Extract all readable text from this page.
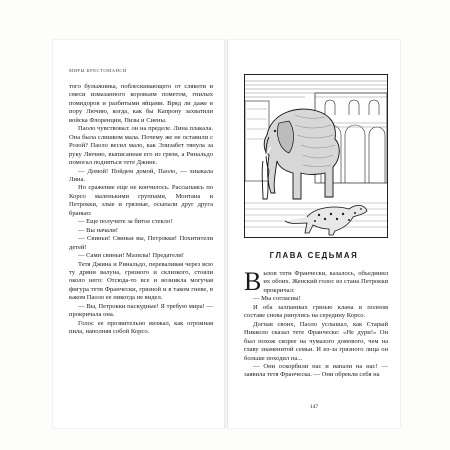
МИРЫ КРЕСТОМАНСИ

того булыжника, поблескивающего от слякоти и смеси измазанного коровьим пометом, гнилых помидоров и разбитыми яйцами. Вряд ли даже в пору Лючию, когда, как бы Капрону захватили войска Флоренции, Пизы и Сиены.

Паоло чувствовал: он на пределе. Лина плакала. Она была слишком мала. Почему же не оставили с Розой? Паоло весил мало, как Элизабет тянула за руку Лючию, выписанная его из грязи, а Ринальдо помогал подняться тете Джине.

— Домой! Пойдем домой, Паоло, — хныкала Лина.

Но сражение еще не кончилось. Рассыпаясь по Корсо маленькими группами, Монтана и Петрокки, злые и грязные, осыпали друг друга бранью:

— Еще получите за битое стекло!

— Вы начали!

— Свиньи! Свиньи вы, Петрокки! Похитители детей!

— Сами свиньи! Мазилы! Предатели!

Тетя Джина и Ринальдо, переваливая через всю ту дряни валуна, грязного и склизкого, стояли около него: Отсюда-то все и возникла могучая фигура тети Франчески, грязной и в таком гневе, в каком Паоло ее никогда не видел.

— Вы, Петрокки паскудные! Я требую мира! — прокричала она.

Голос ее прозвительно визжал, как огромная пила, наполняя собой Корсо.

ГЛАВА СЕДЬМАЯ
В ызов тети Франчески, казалось, объединил их обоих. Женский голос из стана Петрокки прокричал:

— Мы согласны!

И оба залпанных грязью клана в полном составе снова ринулись на середину Корсо.

Догнав своих, Паоло услышал, как Старый Никколо сказал тете Франческе: «Не дури!» Он был похож скорее на чумазого домового, чем на главу знаменитой семьи. И из-за грязного лица он больше походил на...

— Они оскорбили нас и напали на нас! — заявила тетя Франческа. — Они обрекли себя на

147
